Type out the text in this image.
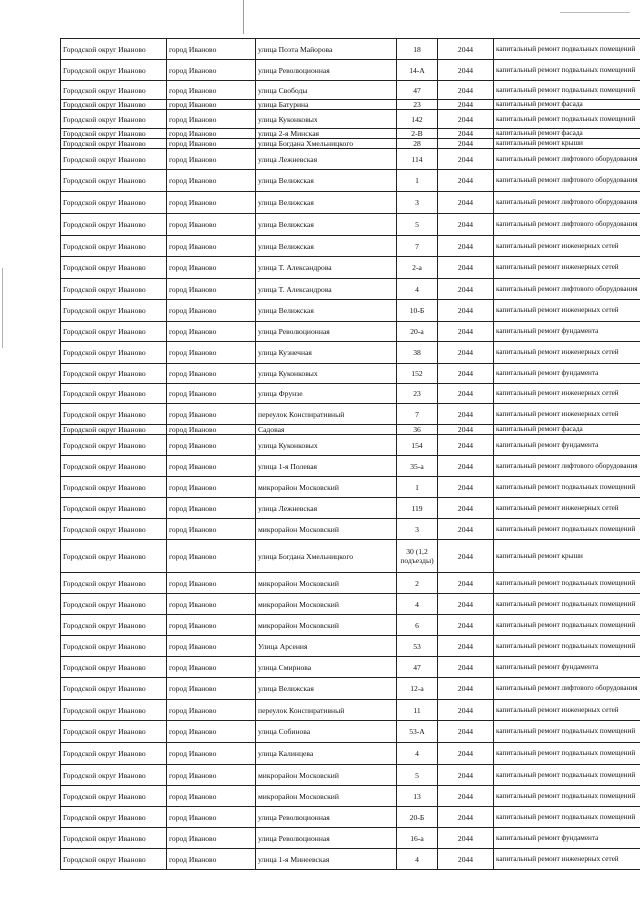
Городской округ Иваново	город Иваново	улица Поэта Майорова	18	2044	капитальный ремонт подвальных помещений
Городской округ Иваново	город Иваново	улица Революционная	14-А	2044	капитальный ремонт подвальных помещений
Городской округ Иваново	город Иваново	улица Свободы	47	2044	капитальный ремонт подвальных помещений
Городской округ Иваново	город Иваново	улица Батурина	23	2044	капитальный ремонт фасада
Городской округ Иваново	город Иваново	улица Куконковых	142	2044	капитальный ремонт подвальных помещений
Городской округ Иваново	город Иваново	улица 2-я Минская	2-В	2044	капитальный ремонт фасада
Городской округ Иваново	город Иваново	улица Богдана Хмельницкого	28	2044	капитальный ремонт крыши
Городской округ Иваново	город Иваново	улица Лежневская	114	2044	капитальный ремонт лифтового оборудования
Городской округ Иваново	город Иваново	улица Велижская	1	2044	капитальный ремонт лифтового оборудования
Городской округ Иваново	город Иваново	улица Велижская	3	2044	капитальный ремонт лифтового оборудования
Городской округ Иваново	город Иваново	улица Велижская	5	2044	капитальный ремонт лифтового оборудования
Городской округ Иваново	город Иваново	улица Велижская	7	2044	капитальный ремонт инженерных сетей
Городской округ Иваново	город Иваново	улица Т. Александрова	2-а	2044	капитальный ремонт инженерных сетей
Городской округ Иваново	город Иваново	улица Т. Александрова	4	2044	капитальный ремонт лифтового оборудования
Городской округ Иваново	город Иваново	улица Велижская	10-Б	2044	капитальный ремонт инженерных сетей
Городской округ Иваново	город Иваново	улица Революционная	20-а	2044	капитальный ремонт фундамента
Городской округ Иваново	город Иваново	улица Кузнечная	38	2044	капитальный ремонт инженерных сетей
Городской округ Иваново	город Иваново	улица Куконковых	152	2044	капитальный ремонт фундамента
Городской округ Иваново	город Иваново	улица Фрунзе	23	2044	капитальный ремонт инженерных сетей
Городской округ Иваново	город Иваново	переулок Конспиративный	7	2044	капитальный ремонт инженерных сетей
Городской округ Иваново	город Иваново	Садовая	36	2044	капитальный ремонт фасада
Городской округ Иваново	город Иваново	улица Куконковых	154	2044	капитальный ремонт фундамента
Городской округ Иваново	город Иваново	улица 1-я Полевая	35-а	2044	капитальный ремонт лифтового оборудования
Городской округ Иваново	город Иваново	микрорайон Московский	1	2044	капитальный ремонт подвальных помещений
Городской округ Иваново	город Иваново	улица Лежневская	119	2044	капитальный ремонт инженерных сетей
Городской округ Иваново	город Иваново	микрорайон Московский	3	2044	капитальный ремонт подвальных помещений
Городской округ Иваново	город Иваново	улица Богдана Хмельницкого	30 (1,2 подъезды)	2044	капитальный ремонт крыши
Городской округ Иваново	город Иваново	микрорайон Московский	2	2044	капитальный ремонт подвальных помещений
Городской округ Иваново	город Иваново	микрорайон Московский	4	2044	капитальный ремонт подвальных помещений
Городской округ Иваново	город Иваново	микрорайон Московский	6	2044	капитальный ремонт подвальных помещений
Городской округ Иваново	город Иваново	Улица Арсения	53	2044	капитальный ремонт подвальных помещений
Городской округ Иваново	город Иваново	улица Смирнова	47	2044	капитальный ремонт фундамента
Городской округ Иваново	город Иваново	улица Велижская	12-а	2044	капитальный ремонт лифтового оборудования
Городской округ Иваново	город Иваново	переулок Конспиративный	11	2044	капитальный ремонт инженерных сетей
Городской округ Иваново	город Иваново	улица Собинова	53-А	2044	капитальный ремонт подвальных помещений
Городской округ Иваново	город Иваново	улица Калинцева	4	2044	капитальный ремонт подвальных помещений
Городской округ Иваново	город Иваново	микрорайон Московский	5	2044	капитальный ремонт подвальных помещений
Городской округ Иваново	город Иваново	микрорайон Московский	13	2044	капитальный ремонт подвальных помещений
Городской округ Иваново	город Иваново	улица Революционная	20-Б	2044	капитальный ремонт подвальных помещений
Городской округ Иваново	город Иваново	улица Революционная	16-а	2044	капитальный ремонт фундамента
Городской округ Иваново	город Иваново	улица 1-я Минеевская	4	2044	капитальный ремонт инженерных сетей
